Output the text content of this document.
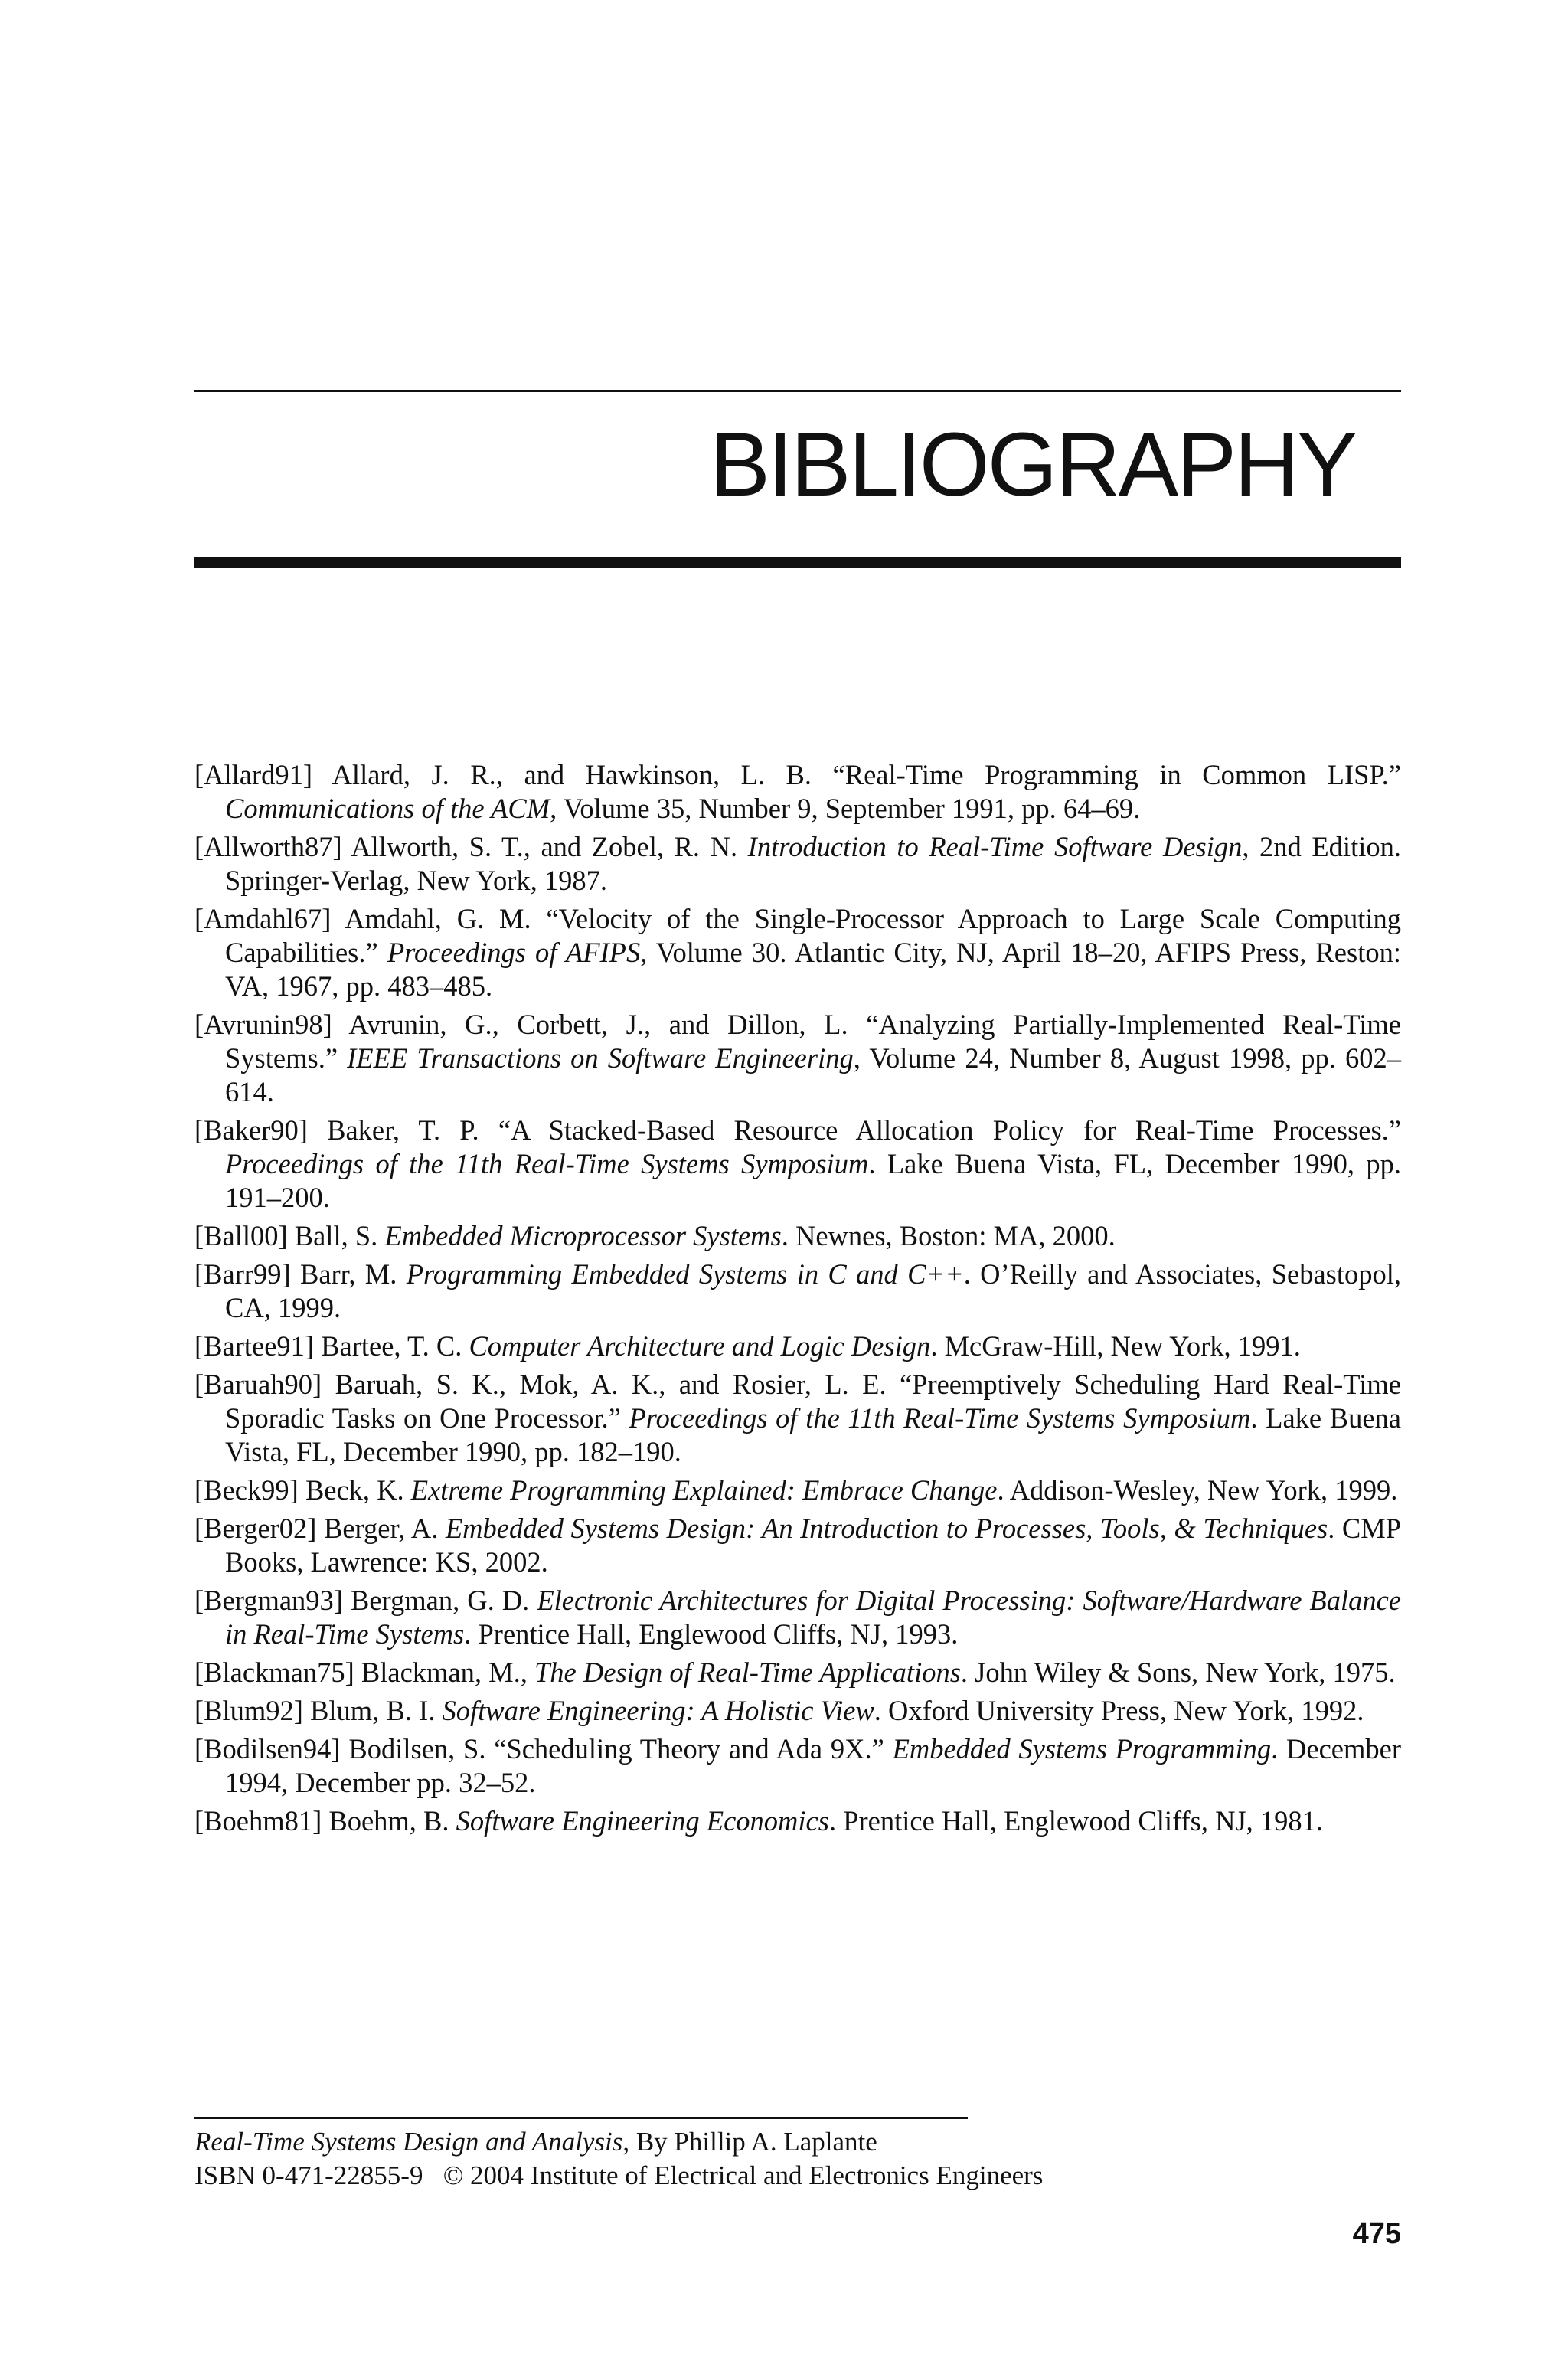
BIBLIOGRAPHY

[Allard91] Allard, J. R., and Hawkinson, L. B. “Real-Time Programming in Common LISP.” Communications of the ACM, Volume 35, Number 9, September 1991, pp. 64–69.

[Allworth87] Allworth, S. T., and Zobel, R. N. Introduction to Real-Time Software Design, 2nd Edition. Springer-Verlag, New York, 1987.

[Amdahl67] Amdahl, G. M. “Velocity of the Single-Processor Approach to Large Scale Computing Capabilities.” Proceedings of AFIPS, Volume 30. Atlantic City, NJ, April 18–20, AFIPS Press, Reston: VA, 1967, pp. 483–485.

[Avrunin98] Avrunin, G., Corbett, J., and Dillon, L. “Analyzing Partially-Implemented Real-Time Systems.” IEEE Transactions on Software Engineering, Volume 24, Number 8, August 1998, pp. 602–614.

[Baker90] Baker, T. P. “A Stacked-Based Resource Allocation Policy for Real-Time Processes.” Proceedings of the 11th Real-Time Systems Symposium. Lake Buena Vista, FL, December 1990, pp. 191–200.

[Ball00] Ball, S. Embedded Microprocessor Systems. Newnes, Boston: MA, 2000.

[Barr99] Barr, M. Programming Embedded Systems in C and C++. O’Reilly and Associates, Sebastopol, CA, 1999.

[Bartee91] Bartee, T. C. Computer Architecture and Logic Design. McGraw-Hill, New York, 1991.

[Baruah90] Baruah, S. K., Mok, A. K., and Rosier, L. E. “Preemptively Scheduling Hard Real-Time Sporadic Tasks on One Processor.” Proceedings of the 11th Real-Time Systems Symposium. Lake Buena Vista, FL, December 1990, pp. 182–190.

[Beck99] Beck, K. Extreme Programming Explained: Embrace Change. Addison-Wesley, New York, 1999.

[Berger02] Berger, A. Embedded Systems Design: An Introduction to Processes, Tools, & Techniques. CMP Books, Lawrence: KS, 2002.

[Bergman93] Bergman, G. D. Electronic Architectures for Digital Processing: Software/Hardware Balance in Real-Time Systems. Prentice Hall, Englewood Cliffs, NJ, 1993.

[Blackman75] Blackman, M., The Design of Real-Time Applications. John Wiley & Sons, New York, 1975.

[Blum92] Blum, B. I. Software Engineering: A Holistic View. Oxford University Press, New York, 1992.

[Bodilsen94] Bodilsen, S. “Scheduling Theory and Ada 9X.” Embedded Systems Programming. December 1994, December pp. 32–52.

[Boehm81] Boehm, B. Software Engineering Economics. Prentice Hall, Englewood Cliffs, NJ, 1981.

Real-Time Systems Design and Analysis, By Phillip A. Laplante
ISBN 0-471-22855-9 © 2004 Institute of Electrical and Electronics Engineers
475
